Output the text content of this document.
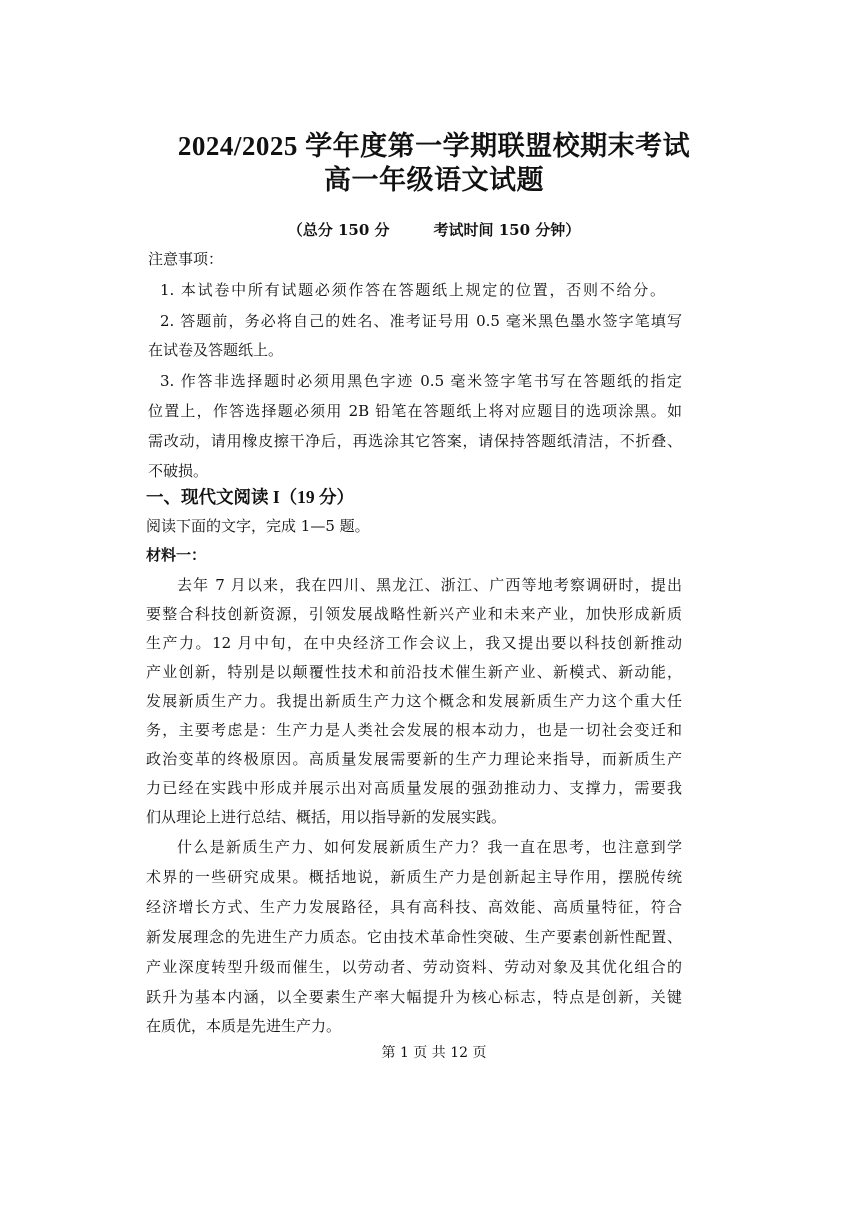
2024/2025 学年度第一学期联盟校期末考试
高一年级语文试题
（总分 150 分	考试时间 150 分钟）
注意事项：
1. 本试卷中所有试题必须作答在答题纸上规定的位置，否则不给分。
2. 答题前，务必将自己的姓名、准考证号用 0.5 毫米黑色墨水签字笔填写
在试卷及答题纸上。
3. 作答非选择题时必须用黑色字迹 0.5 毫米签字笔书写在答题纸的指定
位置上，作答选择题必须用 2B 铅笔在答题纸上将对应题目的选项涂黑。如
需改动，请用橡皮擦干净后，再选涂其它答案，请保持答题纸清洁，不折叠、
不破损。
一、现代文阅读 I（19 分）
阅读下面的文字，完成 1—5 题。
材料一：
去年 7 月以来，我在四川、黑龙江、浙江、广西等地考察调研时，提出
要整合科技创新资源，引领发展战略性新兴产业和未来产业，加快形成新质
生产力。12 月中旬，在中央经济工作会议上，我又提出要以科技创新推动
产业创新，特别是以颠覆性技术和前沿技术催生新产业、新模式、新动能，
发展新质生产力。我提出新质生产力这个概念和发展新质生产力这个重大任
务，主要考虑是：生产力是人类社会发展的根本动力，也是一切社会变迁和
政治变革的终极原因。高质量发展需要新的生产力理论来指导，而新质生产
力已经在实践中形成并展示出对高质量发展的强劲推动力、支撑力，需要我
们从理论上进行总结、概括，用以指导新的发展实践。
什么是新质生产力、如何发展新质生产力？我一直在思考，也注意到学
术界的一些研究成果。概括地说，新质生产力是创新起主导作用，摆脱传统
经济增长方式、生产力发展路径，具有高科技、高效能、高质量特征，符合
新发展理念的先进生产力质态。它由技术革命性突破、生产要素创新性配置、
产业深度转型升级而催生，以劳动者、劳动资料、劳动对象及其优化组合的
跃升为基本内涵，以全要素生产率大幅提升为核心标志，特点是创新，关键
在质优，本质是先进生产力。
第 1 页 共 12 页
